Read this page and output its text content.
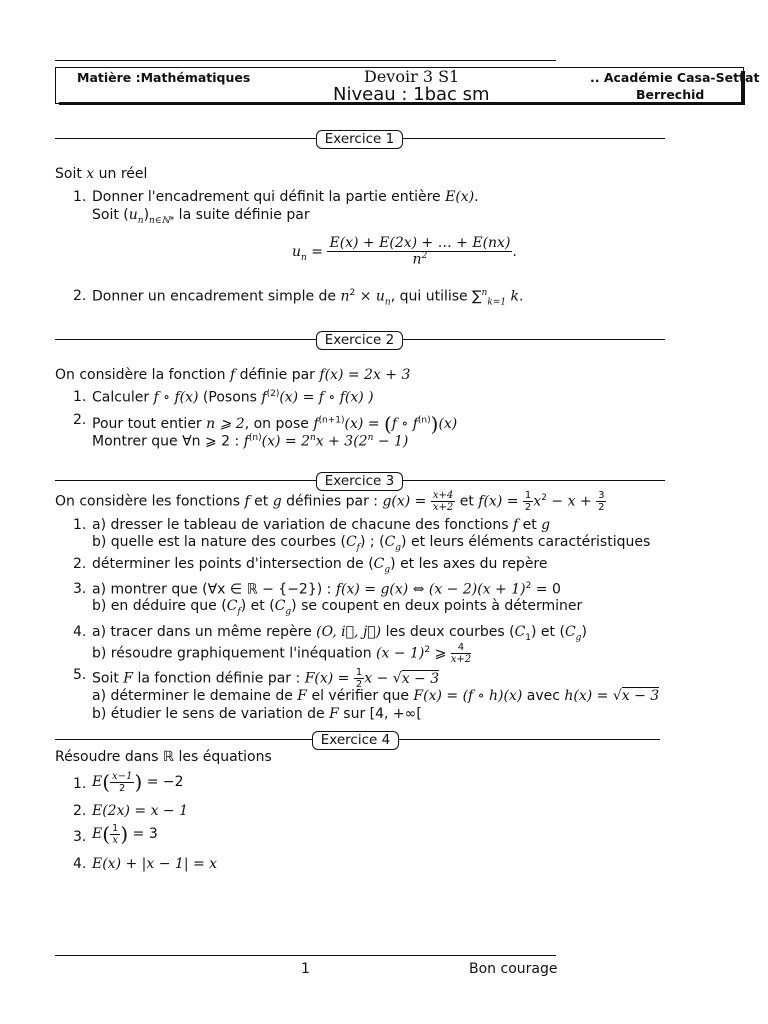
Matière :Mathématiques	Devoir 3 S1
Niveau : 1bac sm
.. Académie Casa-Settat
Berrechid
Exercice 1
Soit x un réel
1. Donner l'encadrement qui définit la partie entière E(x).
Soit $(u_n)_{n\in ℕ*}$ la suite définie par
$u_n = \frac{E(x) + E(2x) + \dots + E(nx)}{n^2}$ .
2. Donner un encadrement simple de $n^2 \times u_n$, qui utilise ∑$^n_{k=1}$ k.
Exercice 2
On considère la fonction f définie par f(x) = 2x + 3
1. Calculer f ∘ f(x) (Posons $f^{(2)}(x) = f$ ∘ f(x) )
2. Pour tout entier n ⩾ 2, on pose $f^{(n+1)}(x) = (f$ ∘ $f^{(n)})(x)$
Montrer que ∀n ⩾ 2 : $f^{(n)}(x) = 2^nx + 3(2^n - 1)$
Exercice 3
On considère les fonctions f et g définies par : $g(x) = \frac{x+4}{x+2}$ et $f(x) = \frac{1}{2} x^2 - x + \frac{3}{2}$
1. a) dresser le tableau de variation de chacune des fonctions f et g
b) quelle est la nature des courbes $(C_f)$ ; $(C_g)$ et leurs éléments caractéristiques
2. déterminer les points d'intersection de $(C_g)$ et les axes du repère
3. a) montrer que (∀x ∈ ℝ − {−2}) : f(x) = g(x) ⇔ $(x - 2)(x + 1)^2 = 0$
b) en déduire que $(C_f)$ et $(C_g)$ se coupent en deux points à déterminer
4. a) tracer dans un même repère (O, i⃗, j⃗) les deux courbes $(C_1)$ et $(C_g)$
b) résoudre graphiquement l'inéquation $(x - 1)^2$ ⩾ $\frac{4}{x+2}$
5. Soit F la fonction définie par : $F(x) = \frac{1}{2}$ x − √x − 3
a) déterminer le demaine de F el vérifier que F(x) = (f ∘ h)(x) avec h(x) = √x − 3
b) étudier le sens de variation de F sur [4, +∞[
Exercice 4
Résoudre dans ℝ les équations
1. $E( \frac{x-1}{2}$ ) = −2
2. E(2x) = x − 1
3. $E( \frac{1}{x}$ ) = 3
4. E(x) + |x − 1| = x
1	Bon courage
